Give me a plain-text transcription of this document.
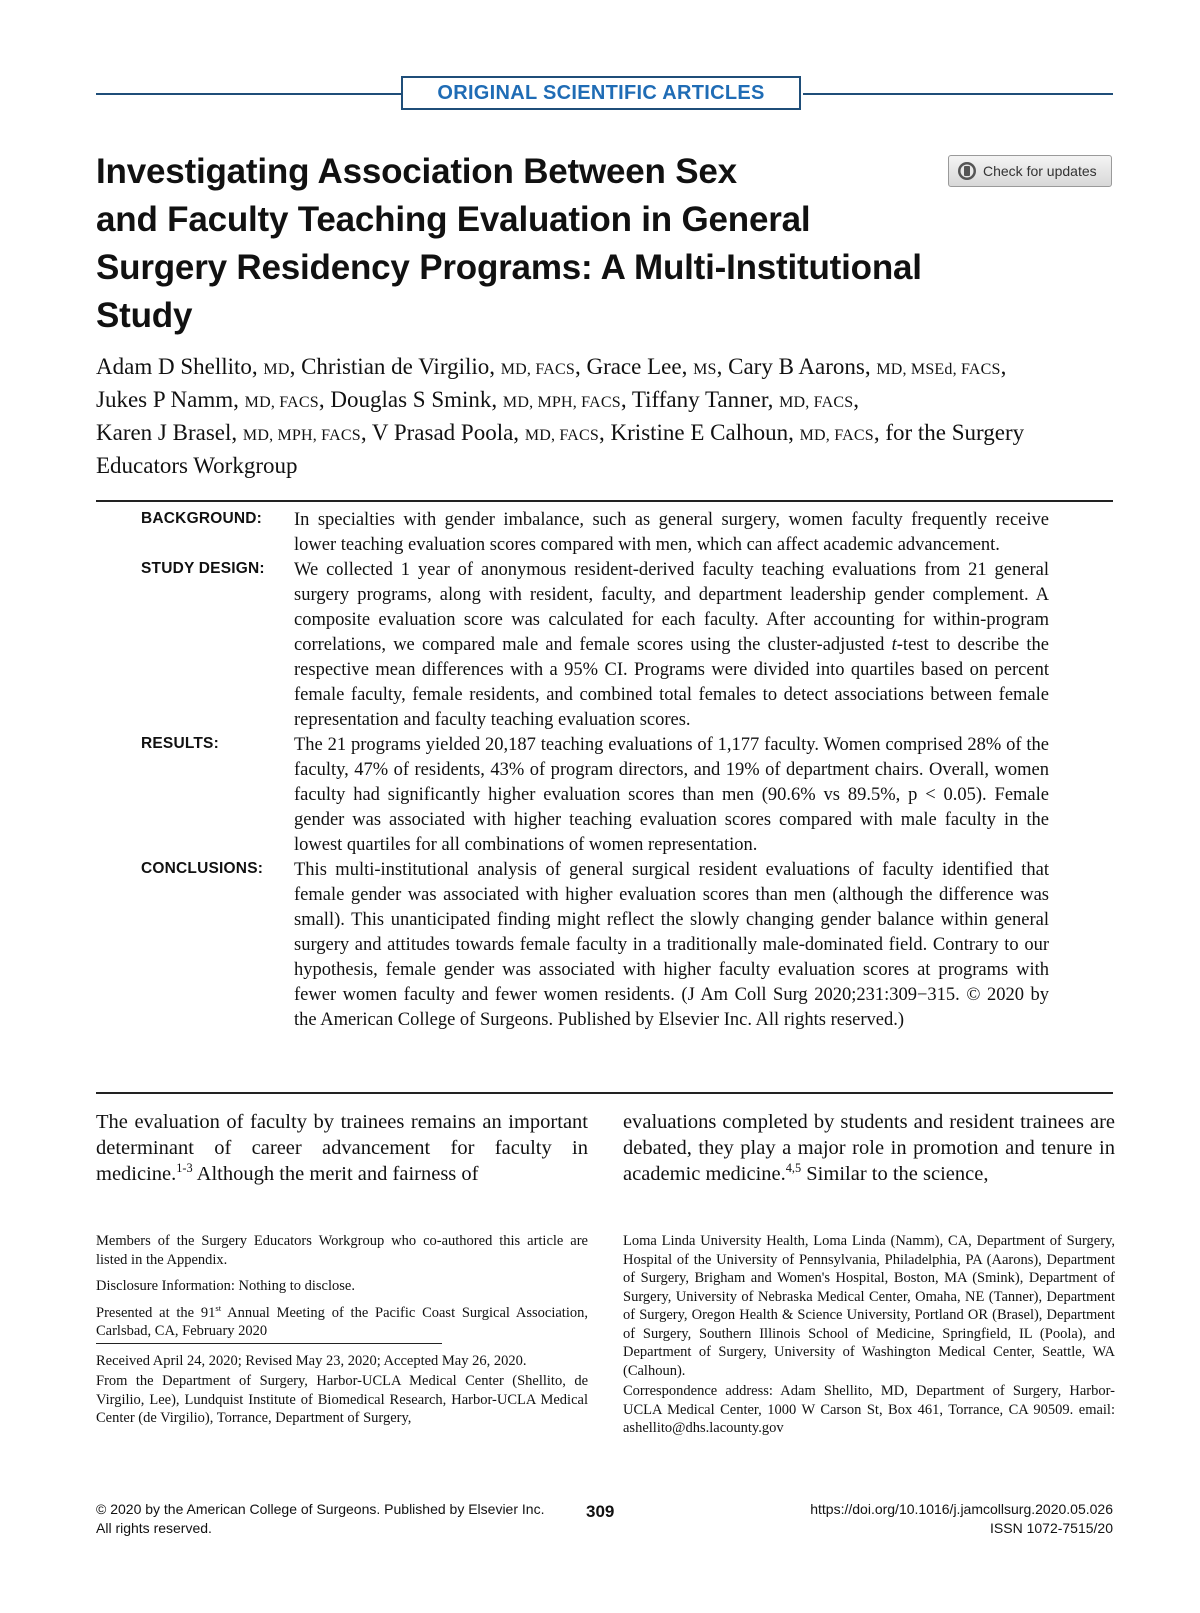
ORIGINAL SCIENTIFIC ARTICLES
Investigating Association Between Sex
and Faculty Teaching Evaluation in General
Surgery Residency Programs: A Multi-Institutional
Study
Check for updates
Adam D Shellito, MD, Christian de Virgilio, MD, FACS, Grace Lee, MS, Cary B Aarons, MD, MSEd, FACS,
Jukes P Namm, MD, FACS, Douglas S Smink, MD, MPH, FACS, Tiffany Tanner, MD, FACS,
Karen J Brasel, MD, MPH, FACS, V Prasad Poola, MD, FACS, Kristine E Calhoun, MD, FACS, for the Surgery
Educators Workgroup
BACKGROUND: In specialties with gender imbalance, such as general surgery, women faculty frequently receive lower teaching evaluation scores compared with men, which can affect academic advancement.

STUDY DESIGN: We collected 1 year of anonymous resident-derived faculty teaching evaluations from 21 general surgery programs, along with resident, faculty, and department leadership gender complement. A composite evaluation score was calculated for each faculty. After accounting for within-program correlations, we compared male and female scores using the cluster-adjusted t-test to describe the respective mean differences with a 95% CI. Programs were divided into quartiles based on percent female faculty, female residents, and combined total females to detect associations between female representation and faculty teaching evaluation scores.

RESULTS:	The 21 programs yielded 20,187 teaching evaluations of 1,177 faculty. Women comprised 28% of the faculty, 47% of residents, 43% of program directors, and 19% of department chairs. Overall, women faculty had significantly higher evaluation scores than men (90.6% vs 89.5%, p < 0.05). Female gender was associated with higher teaching evaluation scores compared with male faculty in the lowest quartiles for all combinations of women representation.

CONCLUSIONS: This multi-institutional analysis of general surgical resident evaluations of faculty identified that female gender was associated with higher evaluation scores than men (although the difference was small). This unanticipated finding might reflect the slowly changing gender balance within general surgery and attitudes towards female faculty in a traditionally male-dominated field. Contrary to our hypothesis, female gender was associated with higher faculty evaluation scores at programs with fewer women faculty and fewer women residents. (J Am Coll Surg 2020;231:309−315. © 2020 by the American College of Surgeons. Published by Elsevier Inc. All rights reserved.)

The evaluation of faculty by trainees remains an important determinant of career advancement for faculty in medicine.$^{1-3}$ Although the merit and fairness of

evaluations completed by students and resident trainees are debated, they play a major role in promotion and tenure in academic medicine.$^{4,5}$ Similar to the science,

Members of the Surgery Educators Workgroup who co-authored this article are listed in the Appendix.

Disclosure Information: Nothing to disclose.

Presented at the 91st Annual Meeting of the Pacific Coast Surgical Association, Carlsbad, CA, February 2020

Received April 24, 2020; Revised May 23, 2020; Accepted May 26, 2020.

From the Department of Surgery, Harbor-UCLA Medical Center (Shellito, de Virgilio, Lee), Lundquist Institute of Biomedical Research, Harbor-UCLA Medical Center (de Virgilio), Torrance, Department of Surgery,

Loma Linda University Health, Loma Linda (Namm), CA, Department of Surgery, Hospital of the University of Pennsylvania, Philadelphia, PA (Aarons), Department of Surgery, Brigham and Women's Hospital, Boston, MA (Smink), Department of Surgery, University of Nebraska Medical Center, Omaha, NE (Tanner), Department of Surgery, Oregon Health & Science University, Portland OR (Brasel), Department of Surgery, Southern Illinois School of Medicine, Springfield, IL (Poola), and Department of Surgery, University of Washington Medical Center, Seattle, WA (Calhoun).

Correspondence address: Adam Shellito, MD, Department of Surgery, Harbor-UCLA Medical Center, 1000 W Carson St, Box 461, Torrance, CA 90509. email: ashellito@dhs.lacounty.gov

© 2020 by the American College of Surgeons. Published by Elsevier Inc.
All rights reserved.
309	https://doi.org/10.1016/j.jamcollsurg.2020.05.026
ISSN 1072-7515/20
